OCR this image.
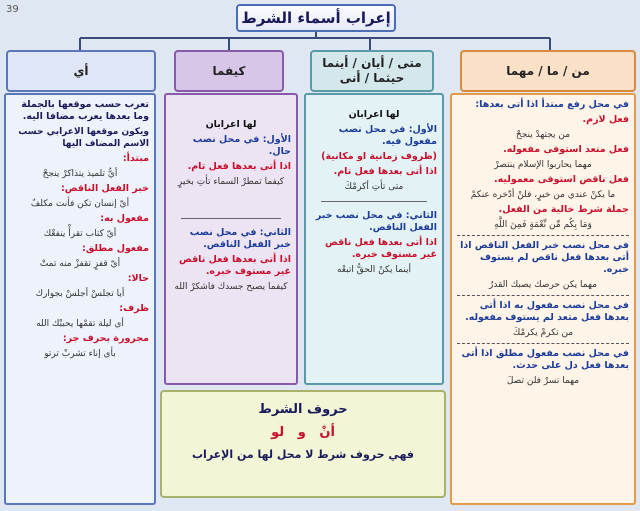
39	إعراب أسماء الشرط
أي	كيفما
متى / أيان / أينما حيثما / أنى
من / ما / مهما

في محل رفع مبتدأ اذا أتى بعدها:

فعل لازم.

من يجتهدْ ينجحْ

فعل متعد استوفى مفعوله.

مهما يحاربوا الإسلام ينتصرْ

فعل ناقص استوفى معموليه.

ما يكنْ عندي من خيرٍ، فلنْ أدّخره عنكمْ

جملة شرط خالية من الفعل.

وَمَا بِكُم مِّن نِّعْمَةٍ فَمِنَ اللَّهِ

في محل نصب خبر الفعل الناقص اذا أتى بعدها فعل ناقص لم يستوف خبره.

مهما يكن حرصك يصبك القدرُ

في محل نصب مفعول به اذا أتى بعدها فعل متعد لم يستوف مفعوله.

من تكرمْ يكرمْكَ

في محل نصب مفعول مطلق اذا أتى بعدها فعل دل على حدث.

مهما تسرْ فلن تصلَ

لها اعرابان

الأول: في محل نصب مفعول فيه.

(ظروف زمانية او مكانية)

اذا أتى بعدها فعل تام.

متى تأتِ أكرمْكَ

الثاني: في محل نصب خبر الفعل الناقص.

اذا أتى بعدها فعل ناقص غير مستوف خبره.

أينما يكنْ الحقُّ اتبعْه

لها اعرابان

الأول: في محل نصب حال.

اذا أتى بعدها فعل تام.

كيفما تمطرْ السماء تأتِ بخيرٍ

الثاني: في محل نصب خبر الفعل الناقص.

اذا أتى بعدها فعل ناقص غير مستوف خبره.

كيفما يصبح جسدك فاشكرْ الله

تعرب حسب موقعها بالجملة وما بعدها يعرب مضافا اليه.

ويكون موقعها الاعرابي حسب الاسم المضاف اليها

مبتدأ:

أيُّ تلميذ يتذاكرْ ينجحْ

خبر الفعل الناقص:

أيّ إنسان تكن فأنت مكلفٌ

مفعول به:

أيّ كتاب تقرأْ ينفعْك

مفعول مطلق:

أيّ قفزٍ تقفزْ منه تمتْ

حالا:

أيا تجلسْ أجلسْ بجوارك

ظرف:

أي ليلة تقمْها يحببْك الله

مجرورة بحرف جر:

بأي إناء تشربْ ترتو

حروف الشرط

أنْ   و   لو

فهي حروف شرط لا محل لها من الإعراب
